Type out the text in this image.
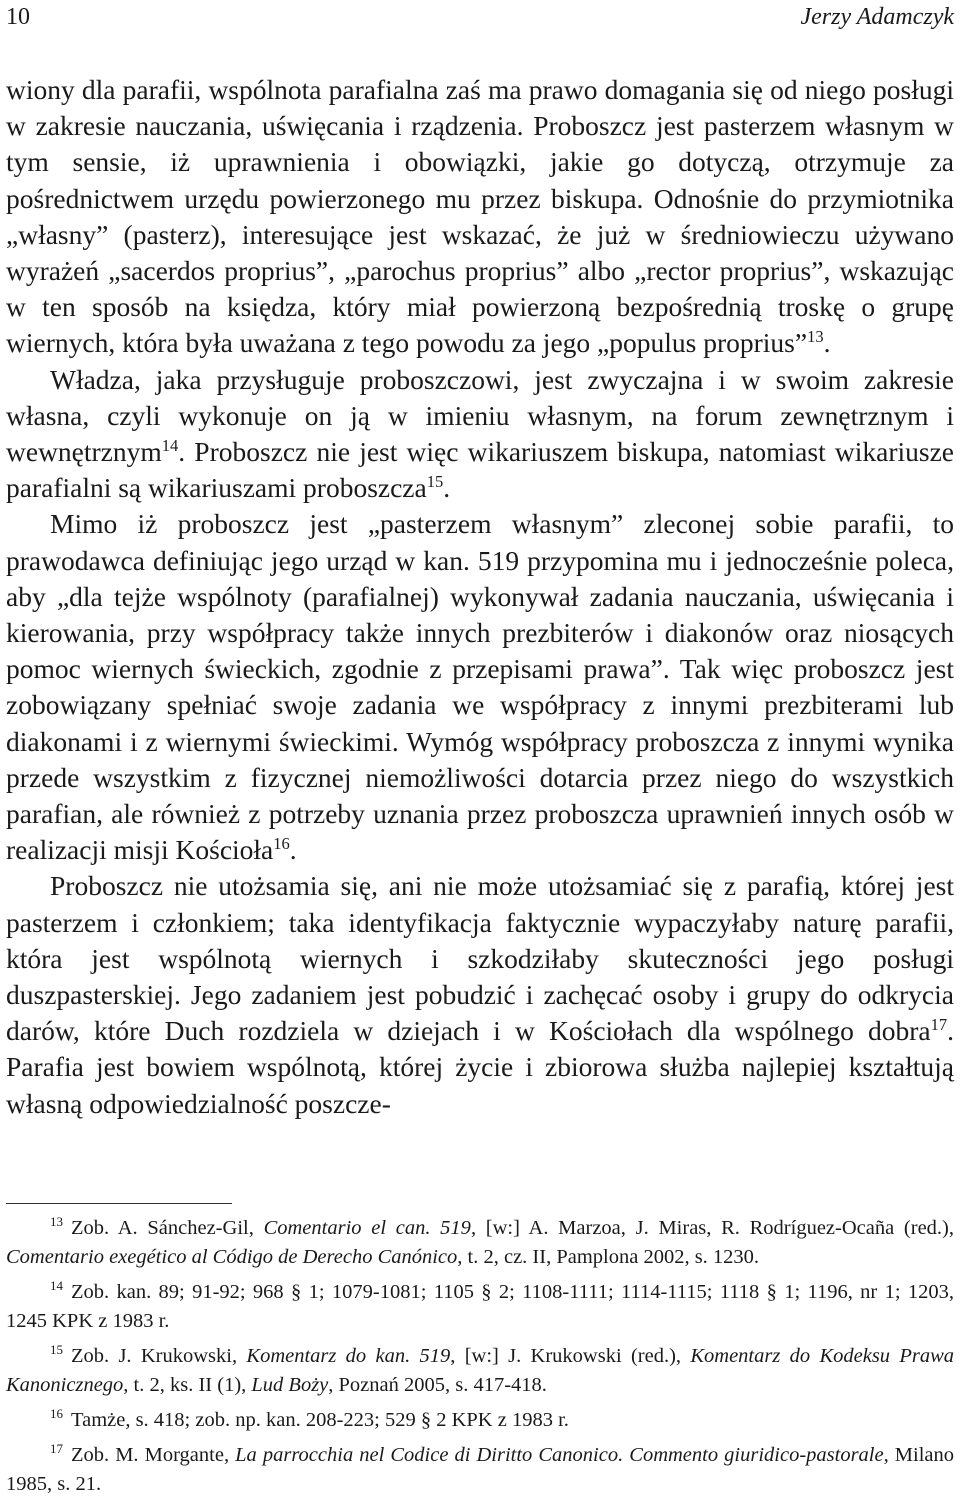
10	Jerzy Adamczyk

wiony dla parafii, wspólnota parafialna zaś ma prawo domagania się od niego posługi w zakresie nauczania, uświęcania i rządzenia. Proboszcz jest pasterzem własnym w tym sensie, iż uprawnienia i obowiązki, jakie go dotyczą, otrzymuje za pośrednictwem urzędu powierzonego mu przez biskupa. Odnośnie do przymiotnika „własny” (pasterz), interesujące jest wskazać, że już w średniowieczu używano wyrażeń „sacerdos proprius”, „parochus proprius” albo „rector proprius”, wskazując w ten sposób na księdza, który miał powierzoną bezpośrednią troskę o grupę wiernych, która była uważana z tego powodu za jego „populus proprius”$^{13}$.

Władza, jaka przysługuje proboszczowi, jest zwyczajna i w swoim zakresie własna, czyli wykonuje on ją w imieniu własnym, na forum zewnętrznym i wewnętrznym$^{14}$. Proboszcz nie jest więc wikariuszem biskupa, natomiast wikariusze parafialni są wikariuszami proboszcza$^{15}$.

Mimo iż proboszcz jest „pasterzem własnym” zleconej sobie parafii, to prawodawca definiując jego urząd w kan. 519 przypomina mu i jednocześnie poleca, aby „dla tejże wspólnoty (parafialnej) wykonywał zadania nauczania, uświęcania i kierowania, przy współpracy także innych prezbiterów i diakonów oraz niosących pomoc wiernych świeckich, zgodnie z przepisami prawa”. Tak więc proboszcz jest zobowiązany spełniać swoje zadania we współpracy z innymi prezbiterami lub diakonami i z wiernymi świeckimi. Wymóg współpracy proboszcza z innymi wynika przede wszystkim z fizycznej niemożliwości dotarcia przez niego do wszystkich parafian, ale również z potrzeby uznania przez proboszcza uprawnień innych osób w realizacji misji Kościoła$^{16}$.

Proboszcz nie utożsamia się, ani nie może utożsamiać się z parafią, której jest pasterzem i członkiem; taka identyfikacja faktycznie wypaczyłaby naturę parafii, która jest wspólnotą wiernych i szkodziłaby skuteczności jego posługi duszpasterskiej. Jego zadaniem jest pobudzić i zachęcać osoby i grupy do odkrycia darów, które Duch rozdziela w dziejach i w Kościołach dla wspólnego dobra$^{17}$. Parafia jest bowiem wspólnotą, której życie i zbiorowa służba najlepiej kształtują własną odpowiedzialność poszcze-

$^{13}$ Zob. A. Sánchez-Gil, Comentario el can. 519, [w:] A. Marzoa, J. Miras, R. Rodríguez-Ocaña (red.), Comentario exegético al Código de Derecho Canónico, t. 2, cz. II, Pamplona 2002, s. 1230.

$^{14}$ Zob. kan. 89; 91-92; 968 § 1; 1079-1081; 1105 § 2; 1108-1111; 1114-1115; 1118 § 1; 1196, nr 1; 1203, 1245 KPK z 1983 r.

$^{15}$ Zob. J. Krukowski, Komentarz do kan. 519, [w:] J. Krukowski (red.), Komentarz do Kodeksu Prawa Kanonicznego, t. 2, ks. II (1), Lud Boży, Poznań 2005, s. 417-418.

$^{16}$ Tamże, s. 418; zob. np. kan. 208-223; 529 § 2 KPK z 1983 r.

$^{17}$ Zob. M. Morgante, La parrocchia nel Codice di Diritto Canonico. Commento giuridico-pastorale, Milano 1985, s. 21.
